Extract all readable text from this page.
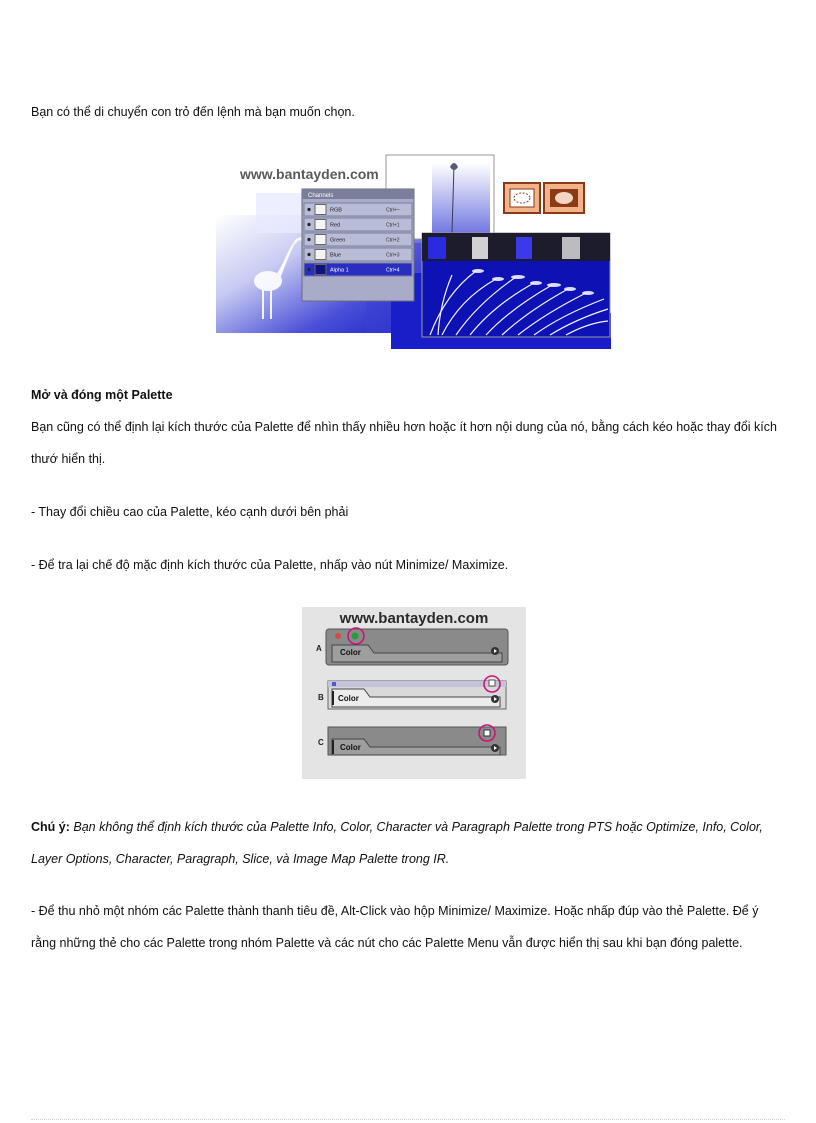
Bạn có thể di chuyển con trỏ đến lệnh mà bạn muốn chọn.

www.bantayden.com
Channels
RGB	Ctrl+~
Red	Ctrl+1
Green	Ctrl+2
Blue	Ctrl+3
Alpha 1	Ctrl+4

Mở và đóng một Palette

Bạn cũng có thể định lại kích thước của Palette để nhìn thấy nhiều hơn hoặc ít hơn nội dung của nó, bằng cách kéo hoặc thay đổi kích thướ hiển thị.

- Thay đổi chiều cao của Palette, kéo cạnh dưới bên phải

- Để tra lại chế độ mặc định kích thước của Palette, nhấp vào nút Minimize/ Maximize.

www.bantayden.com
A Color
B Color
C
Color

Chú ý: Bạn không thể định kích thước của Palette Info, Color, Character và Paragraph Palette trong PTS hoặc Optimize, Info, Color, Layer Options, Character, Paragraph, Slice, và Image Map Palette trong IR.

- Để thu nhỏ một nhóm các Palette thành thanh tiêu đề, Alt-Click vào hộp Minimize/ Maximize. Hoặc nhấp đúp vào thẻ Palette. Để ý rằng những thẻ cho các Palette trong nhóm Palette và các nút cho các Palette Menu vẫn được hiển thị sau khi bạn đóng palette.
